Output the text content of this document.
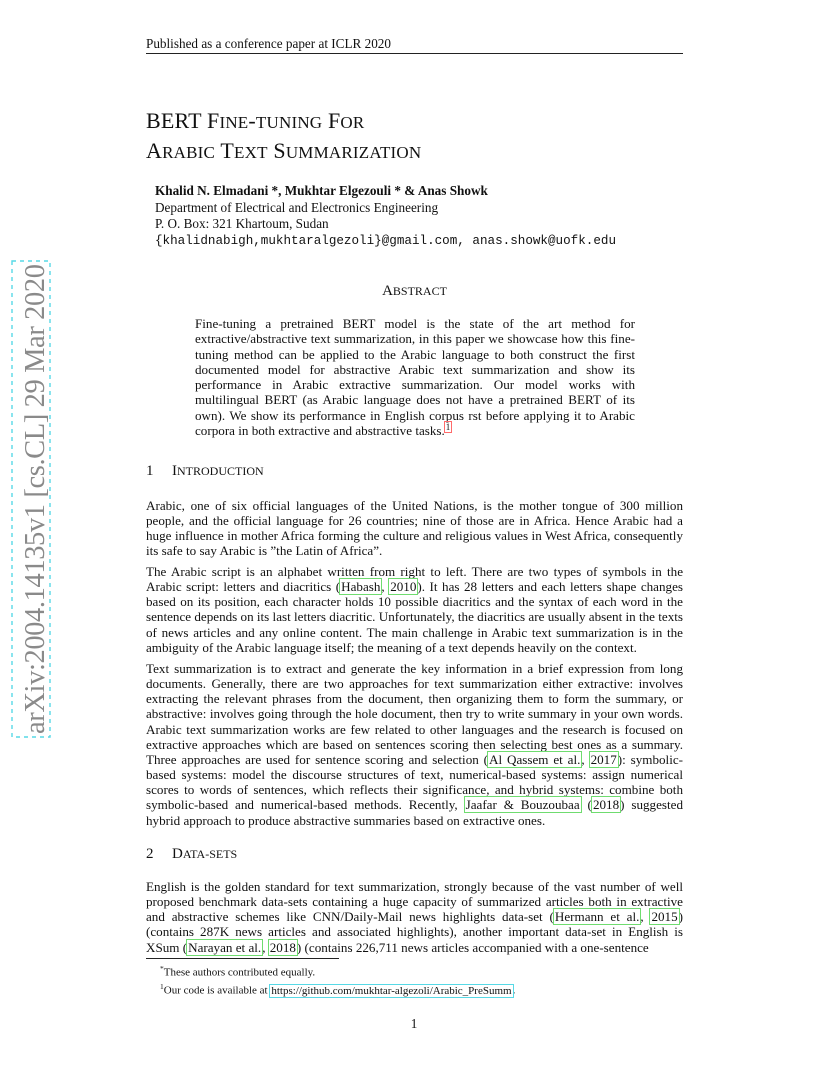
Published as a conference paper at ICLR 2020
BERT FINE-TUNING FOR
ARABIC TEXT SUMMARIZATION
Khalid N. Elmadani *, Mukhtar Elgezouli * & Anas Showk
Department of Electrical and Electronics Engineering
P. O. Box: 321 Khartoum, Sudan
{khalidnabigh,mukhtaralgezoli}@gmail.com, anas.showk@uofk.edu
arXiv:2004.14135v1 [cs.CL] 29 Mar 2020
ABSTRACT

Fine-tuning a pretrained BERT model is the state of the art method for extractive/abstractive text summarization, in this paper we showcase how this fine-tuning method can be applied to the Arabic language to both construct the first documented model for abstractive Arabic text summarization and show its performance in Arabic extractive summarization. Our model works with multilingual BERT (as Arabic language does not have a pretrained BERT of its own). We show its performance in English corpus rst before applying it to Arabic corpora in both extractive and abstractive tasks.$^1$

1 INTRODUCTION

Arabic, one of six official languages of the United Nations, is the mother tongue of 300 million people, and the official language for 26 countries; nine of those are in Africa. Hence Arabic had a huge influence in mother Africa forming the culture and religious values in West Africa, consequently its safe to say Arabic is ”the Latin of Africa”.

The Arabic script is an alphabet written from right to left. There are two types of symbols in the Arabic script: letters and diacritics (Habash, 2010). It has 28 letters and each letters shape changes based on its position, each character holds 10 possible diacritics and the syntax of each word in the sentence depends on its last letters diacritic. Unfortunately, the diacritics are usually absent in the texts of news articles and any online content. The main challenge in Arabic text summarization is in the ambiguity of the Arabic language itself; the meaning of a text depends heavily on the context.

Text summarization is to extract and generate the key information in a brief expression from long documents. Generally, there are two approaches for text summarization either extractive: involves extracting the relevant phrases from the document, then organizing them to form the summary, or abstractive: involves going through the hole document, then try to write summary in your own words. Arabic text summarization works are few related to other languages and the research is focused on extractive approaches which are based on sentences scoring then selecting best ones as a summary. Three approaches are used for sentence scoring and selection (Al Qassem et al., 2017): symbolic-based systems: model the discourse structures of text, numerical-based systems: assign numerical scores to words of sentences, which reflects their significance, and hybrid systems: combine both symbolic-based and numerical-based methods. Recently, Jaafar & Bouzoubaa (2018) suggested hybrid approach to produce abstractive summaries based on extractive ones.

2 DATA-SETS

English is the golden standard for text summarization, strongly because of the vast number of well proposed benchmark data-sets containing a huge capacity of summarized articles both in extractive and abstractive schemes like CNN/Daily-Mail news highlights data-set (Hermann et al., 2015) (contains 287K news articles and associated highlights), another important data-set in English is XSum (Narayan et al., 2018) (contains 226,711 news articles accompanied with a one-sentence

*These authors contributed equally.
$^1$Our code is available at https://github.com/mukhtar-algezoli/Arabic_PreSumm.
1
